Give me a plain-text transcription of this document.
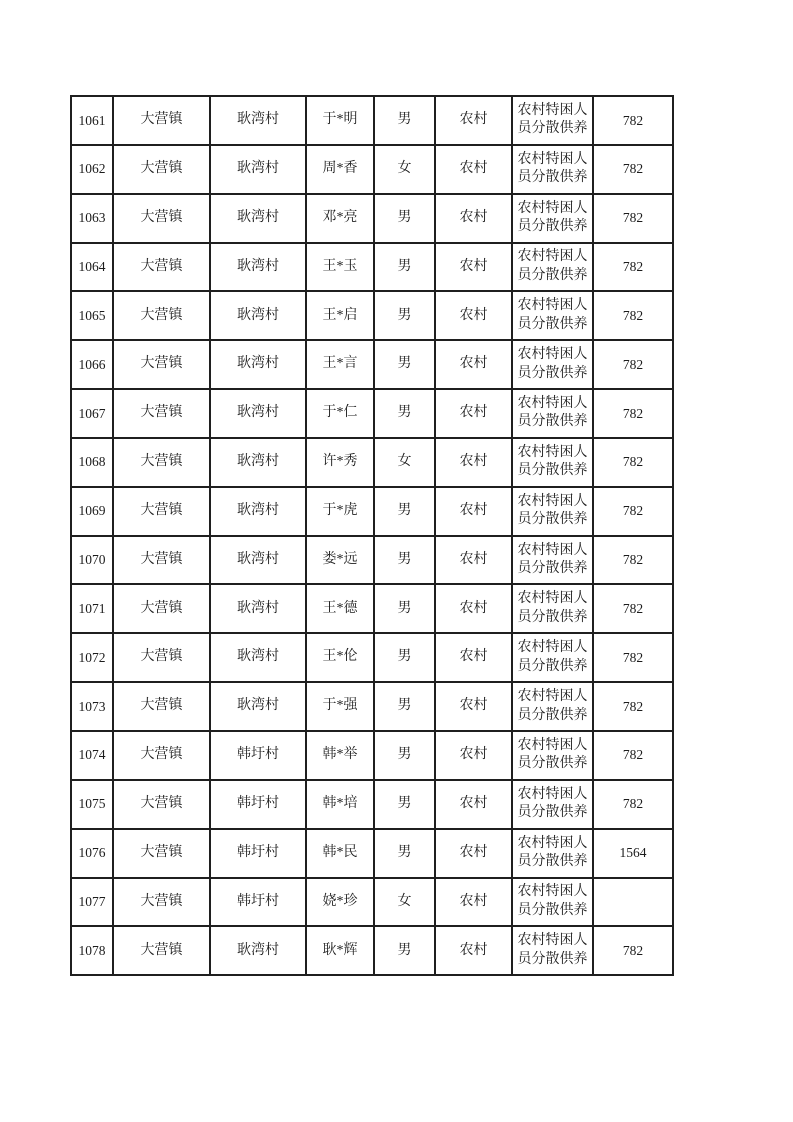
1061	大营镇	耿湾村	于*明	男	农村	农村特困人员分散供养	782
1062	大营镇	耿湾村	周*香	女	农村	农村特困人员分散供养	782
1063	大营镇	耿湾村	邓*亮	男	农村	农村特困人员分散供养	782
1064	大营镇	耿湾村	王*玉	男	农村	农村特困人员分散供养	782
1065	大营镇	耿湾村	王*启	男	农村	农村特困人员分散供养	782
1066	大营镇	耿湾村	王*言	男	农村	农村特困人员分散供养	782
1067	大营镇	耿湾村	于*仁	男	农村	农村特困人员分散供养	782
1068	大营镇	耿湾村	许*秀	女	农村	农村特困人员分散供养	782
1069	大营镇	耿湾村	于*虎	男	农村	农村特困人员分散供养	782
1070	大营镇	耿湾村	娄*远	男	农村	农村特困人员分散供养	782
1071	大营镇	耿湾村	王*德	男	农村	农村特困人员分散供养	782
1072	大营镇	耿湾村	王*伦	男	农村	农村特困人员分散供养	782
1073	大营镇	耿湾村	于*强	男	农村	农村特困人员分散供养	782
1074	大营镇	韩圩村	韩*举	男	农村	农村特困人员分散供养	782
1075	大营镇	韩圩村	韩*培	男	农村	农村特困人员分散供养	782
1076	大营镇	韩圩村	韩*民	男	农村	农村特困人员分散供养	1564
1077	大营镇	韩圩村	娆*珍	女	农村	农村特困人员分散供养	
1078	大营镇	耿湾村	耿*辉	男	农村	农村特困人员分散供养	782
